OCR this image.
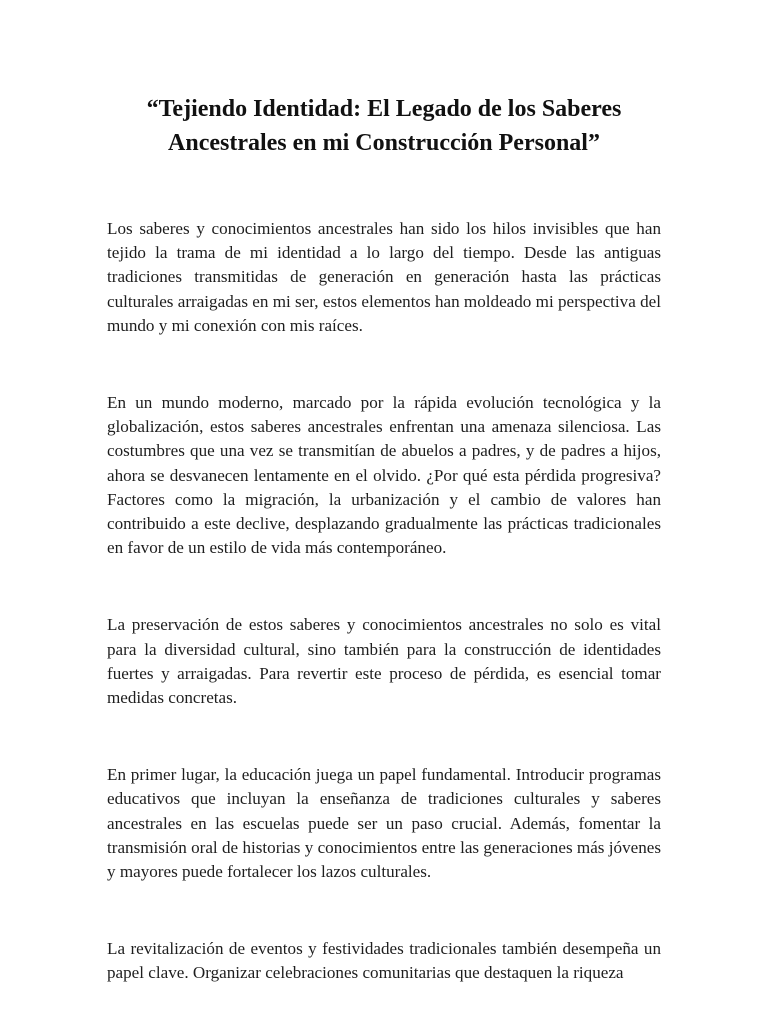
“Tejiendo Identidad: El Legado de los Saberes Ancestrales en mi Construcción Personal”

Los saberes y conocimientos ancestrales han sido los hilos invisibles que han tejido la trama de mi identidad a lo largo del tiempo. Desde las antiguas tradiciones transmitidas de generación en generación hasta las prácticas culturales arraigadas en mi ser, estos elementos han moldeado mi perspectiva del mundo y mi conexión con mis raíces.

En un mundo moderno, marcado por la rápida evolución tecnológica y la globalización, estos saberes ancestrales enfrentan una amenaza silenciosa. Las costumbres que una vez se transmitían de abuelos a padres, y de padres a hijos, ahora se desvanecen lentamente en el olvido. ¿Por qué esta pérdida progresiva? Factores como la migración, la urbanización y el cambio de valores han contribuido a este declive, desplazando gradualmente las prácticas tradicionales en favor de un estilo de vida más contemporáneo.

La preservación de estos saberes y conocimientos ancestrales no solo es vital para la diversidad cultural, sino también para la construcción de identidades fuertes y arraigadas. Para revertir este proceso de pérdida, es esencial tomar medidas concretas.

En primer lugar, la educación juega un papel fundamental. Introducir programas educativos que incluyan la enseñanza de tradiciones culturales y saberes ancestrales en las escuelas puede ser un paso crucial. Además, fomentar la transmisión oral de historias y conocimientos entre las generaciones más jóvenes y mayores puede fortalecer los lazos culturales.

La revitalización de eventos y festividades tradicionales también desempeña un papel clave. Organizar celebraciones comunitarias que destaquen la riqueza
